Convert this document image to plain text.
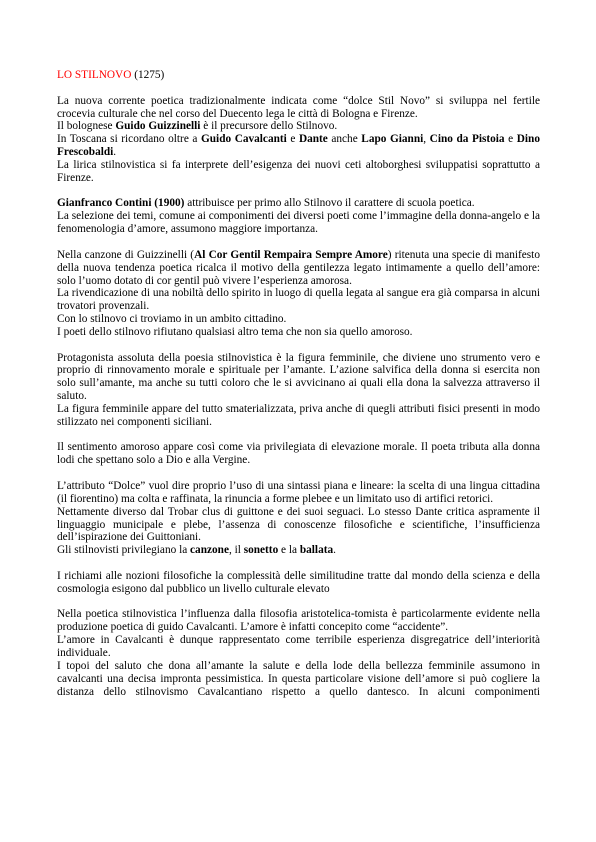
LO STILNOVO (1275)

La nuova corrente poetica tradizionalmente indicata come “dolce Stil Novo” si sviluppa nel fertile crocevia culturale che nel corso del Duecento lega le città di Bologna e Firenze.

Il bolognese Guido Guizzinelli è il precursore dello Stilnovo.

In Toscana si ricordano oltre a Guido Cavalcanti e Dante anche Lapo Gianni, Cino da Pistoia e Dino Frescobaldi.

La lirica stilnovistica si fa interprete dell’esigenza dei nuovi ceti altoborghesi sviluppatisi soprattutto a Firenze.

Gianfranco Contini (1900) attribuisce per primo allo Stilnovo il carattere di scuola poetica.

La selezione dei temi, comune ai componimenti dei diversi poeti come l’immagine della donna-angelo e la fenomenologia d’amore, assumono maggiore importanza.

Nella canzone di Guizzinelli (Al Cor Gentil Rempaira Sempre Amore) ritenuta una specie di manifesto della nuova tendenza poetica ricalca il motivo della gentilezza legato intimamente a quello dell’amore: solo l’uomo dotato di cor gentil può vivere l’esperienza amorosa.

La rivendicazione di una nobiltà dello spirito in luogo di quella legata al sangue era già comparsa in alcuni trovatori provenzali.

Con lo stilnovo ci troviamo in un ambito cittadino.

I poeti dello stilnovo rifiutano qualsiasi altro tema che non sia quello amoroso.

Protagonista assoluta della poesia stilnovistica è la figura femminile, che diviene uno strumento vero e proprio di rinnovamento morale e spirituale per l’amante. L’azione salvifica della donna si esercita non solo sull’amante, ma anche su tutti coloro che le si avvicinano ai quali ella dona la salvezza attraverso il saluto.

La figura femminile appare del tutto smaterializzata, priva anche di quegli attributi fisici presenti in modo stilizzato nei componenti siciliani.

Il sentimento amoroso appare così come via privilegiata di elevazione morale. Il poeta tributa alla donna lodi che spettano solo a Dio e alla Vergine.

L’attributo “Dolce” vuol dire proprio l’uso di una sintassi piana e lineare: la scelta di una lingua cittadina (il fiorentino) ma colta e raffinata, la rinuncia a forme plebee e un limitato uso di artifici retorici.

Nettamente diverso dal Trobar clus di guittone e dei suoi seguaci. Lo stesso Dante critica aspramente il linguaggio municipale e plebe, l’assenza di conoscenze filosofiche e scientifiche, l’insufficienza dell’ispirazione dei Guittoniani.

Gli stilnovisti privilegiano la canzone, il sonetto e la ballata.

I richiami alle nozioni filosofiche la complessità delle similitudine tratte dal mondo della scienza e della cosmologia esigono dal pubblico un livello culturale elevato

Nella poetica stilnovistica l’influenza dalla filosofia aristotelica-tomista è particolarmente evidente nella produzione poetica di guido Cavalcanti. L’amore è infatti concepito come “accidente”.

L’amore in Cavalcanti è dunque rappresentato come terribile esperienza disgregatrice dell’interiorità individuale.

I topoi del saluto che dona all’amante la salute e della lode della bellezza femminile assumono in cavalcanti una decisa impronta pessimistica. In questa particolare visione dell’amore si può cogliere la distanza dello stilnovismo Cavalcantiano rispetto a quello dantesco. In alcuni componimenti
